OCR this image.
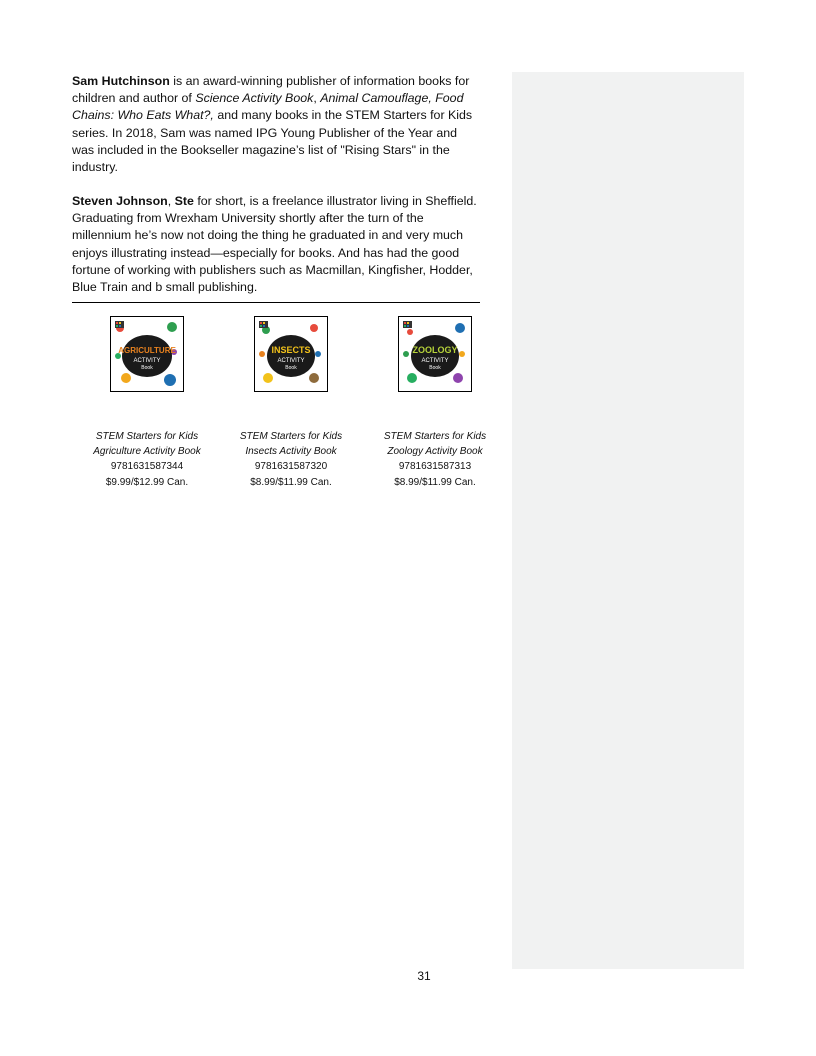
Sam Hutchinson is an award-winning publisher of information books for children and author of Science Activity Book, Animal Camouflage, Food Chains: Who Eats What?, and many books in the STEM Starters for Kids series. In 2018, Sam was named IPG Young Publisher of the Year and was included in the Bookseller magazine’s list of "Rising Stars" in the industry.

Steven Johnson, Ste for short, is a freelance illustrator living in Sheffield. Graduating from Wrexham University shortly after the turn of the millennium he’s now not doing the thing he graduated in and very much enjoys illustrating instead—especially for books. And has had the good fortune of working with publishers such as Macmillan, Kingfisher, Hodder, Blue Train and b small publishing.

AGRICULTURE
ACTIVITY
Book
STEM Starters for Kids
Agriculture Activity Book
9781631587344
$9.99/$12.99 Can.
INSECTS
ACTIVITY
Book
STEM Starters for Kids
Insects Activity Book
9781631587320
$8.99/$11.99 Can.
ZOOLOGY
ACTIVITY
Book
STEM Starters for Kids
Zoology Activity Book
9781631587313
$8.99/$11.99 Can.
31
